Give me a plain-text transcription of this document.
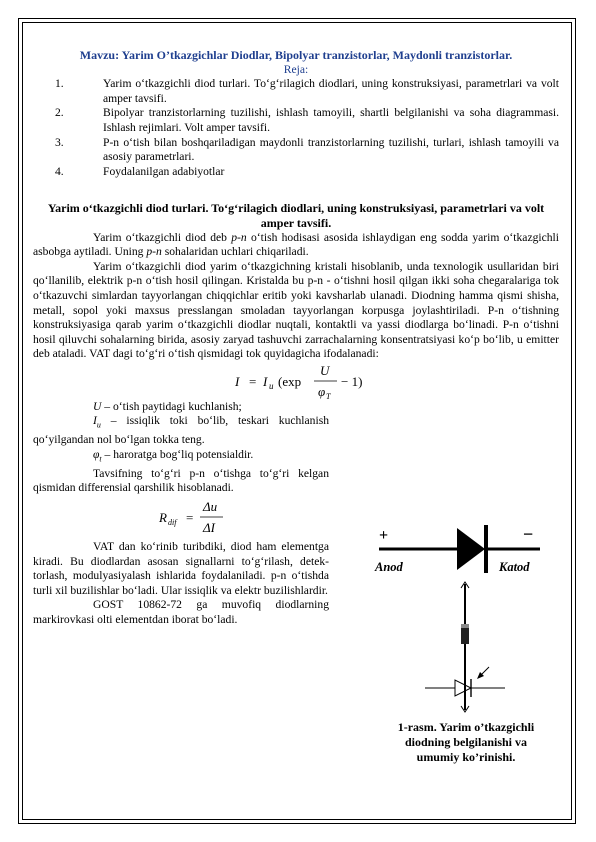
Mavzu: Yarim O’tkazgichlar Diodlar, Bipolyar tranzistorlar, Maydonli tranzistorlar.

Reja:

1.	Yarim o‘tkazgichli diod turlari. To‘g‘rilagich diodlari, uning konstruksiyasi, parametrlari va volt amper tavsifi.
2.	Bipolyar tranzistorlarning tuzilishi, ishlash tamoyili, shartli belgilanishi va soha diagrammasi. Ishlash rejimlari. Volt amper tavsifi.
3.	P-n o‘tish bilan boshqariladigan maydonli tranzistorlarning tuzilishi, turlari, ishlash tamoyili va asosiy parametrlari.
4.	Foydalanilgan adabiyotlar

Yarim o‘tkazgichli diod turlari. To‘g‘rilagich diodlari, uning konstruksiyasi, parametrlari va volt amper tavsifi.

Yarim o‘tkazgichli diod deb p-n o‘tish hodisasi asosida ishlaydigan eng sodda yarim o‘tkazgichli asbobga aytiladi. Uning p-n sohalaridan uchlari chiqariladi.

Yarim o‘tkazgichli diod yarim o‘tkazgichning kristali hisoblanib, unda texnologik usullaridan biri qo‘llanilib, elektrik p-n o‘tish hosil qilingan. Kristalda bu p-n - o‘tishni hosil qilgan ikki soha chegaralariga tok o‘tkazuvchi simlardan tayyorlangan chiqqichlar eritib yoki kavsharlab ulanadi. Diodning hamma qismi shisha, metall, sopol yoki maxsus presslangan smoladan tayyorlangan korpusga joylashtiriladi. P-n o‘tishning konstruksiyasiga qarab yarim o‘tkazgichli diodlar nuqtali, kontaktli va yassi diodlarga bo‘linadi. P-n o‘tishni hosil qiluvchi sohalarning birida, asosiy zaryad tashuvchi zarrachalarning konsentratsiyasi ko‘p bo‘lib, u emitter deb ataladi. VAT dagi to‘g‘ri o‘tish qismidagi tok quyidagicha ifodalanadi:

I = I u (exp
U
φ T
− 1)

U – o‘tish paytidagi kuchlanish;

$I_u$ – issiqlik toki bo‘lib, teskari kuchlanish qo‘yilgandan nol bo‘lgan tokka teng.

$\varphi_t$ – haroratga bog‘liq potensialdir.

Tavsifning to‘g‘ri p-n o‘tishga to‘g‘ri kelgan qismidan differensial qarshilik hisoblanadi.

R dif =
Δu
ΔI

VAT dan ko‘rinib turibdiki, diod ham elementga kiradi. Bu diodlardan asosan signallarni to‘g‘rilash, detek-torlash, modulyasiyalash ishlarida foydalaniladi. p-n o‘tishda turli xil buzilishlar bo‘ladi. Ular issiqlik va elektr buzilishlardir.

GOST 10862-72 ga muvofiq diodlarning markirovkasi olti elementdan iborat bo‘ladi.

+	−
Anod	Katod
1-rasm. Yarim o’tkazgichli diodning belgilanishi va umumiy ko’rinishi.
